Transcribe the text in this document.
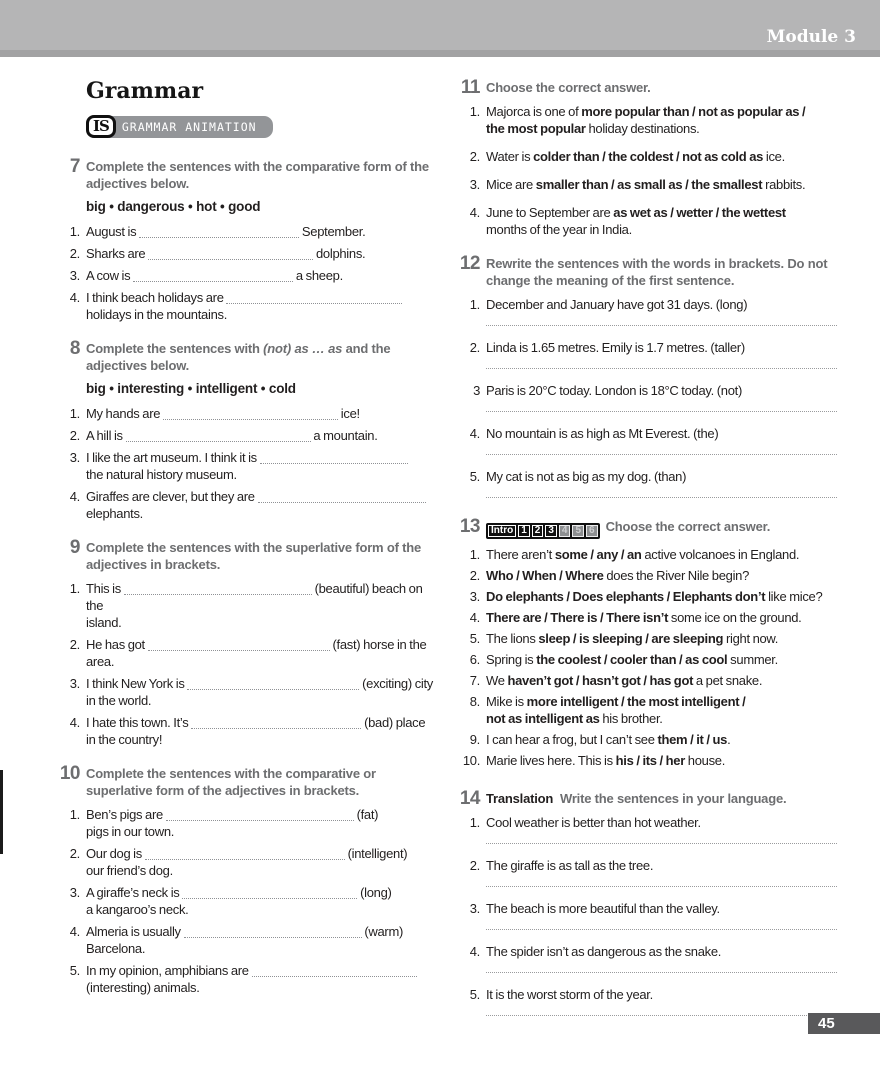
Module 3
Grammar
IS	GRAMMAR ANIMATION
7 Complete the sentences with the comparative form of the adjectives below.
big • dangerous • hot • good
1. August is	September.
2. Sharks are	dolphins.
3. A cow is	a sheep.
4. I think beach holidays are
holidays in the mountains.
8 Complete the sentences with (not) as … as and the adjectives below.
big • interesting • intelligent • cold
1. My hands are	ice!
2. A hill is	a mountain.
3. I like the art museum. I think it is
the natural history museum.
4. Giraffes are clever, but they are
elephants.
9 Complete the sentences with the superlative form of the adjectives in brackets.
1. This is	(beautiful) beach on the
island.
2. He has got	(fast) horse in the
area.
3. I think New York is	(exciting) city
in the world.
4. I hate this town. It’s	(bad) place
in the country!
10 Complete the sentences with the comparative or superlative form of the adjectives in brackets.
1. Ben’s pigs are	(fat)
pigs in our town.
2. Our dog is	(intelligent)
our friend’s dog.
3. A giraffe’s neck is	(long)
a kangaroo’s neck.
4. Almeria is usually	(warm)
Barcelona.
5. In my opinion, amphibians are
(interesting) animals.
11 Choose the correct answer.
1. Majorca is one of more popular than / not as popular as /
the most popular holiday destinations.
2. Water is colder than / the coldest / not as cold as ice.
3. Mice are smaller than / as small as / the smallest rabbits.
4. June to September are as wet as / wetter / the wettest
months of the year in India.
12 Rewrite the sentences with the words in brackets. Do not change the meaning of the first sentence.
1. December and January have got 31 days. (long)
2. Linda is 1.65 metres. Emily is 1.7 metres. (taller)
3 Paris is 20°C today. London is 18°C today. (not)
4. No mountain is as high as Mt Everest. (the)
5. My cat is not as big as my dog. (than)
13	Intro 1 2 3 4 5 6 Choose the correct answer.
1. There aren’t some / any / an active volcanoes in England.
2. Who / When / Where does the River Nile begin?
3. Do elephants / Does elephants / Elephants don’t like mice?
4. There are / There is / There isn’t some ice on the ground.
5. The lions sleep / is sleeping / are sleeping right now.
6. Spring is the coolest / cooler than / as cool summer.
7. We haven’t got / hasn’t got / has got a pet snake.
8. Mike is more intelligent / the most intelligent /
not as intelligent as his brother.
9. I can hear a frog, but I can’t see them / it / us.
10. Marie lives here. This is his / its / her house.
14 Translation  Write the sentences in your language.
1. Cool weather is better than hot weather.
2. The giraffe is as tall as the tree.
3. The beach is more beautiful than the valley.
4. The spider isn’t as dangerous as the snake.
5. It is the worst storm of the year.
45
